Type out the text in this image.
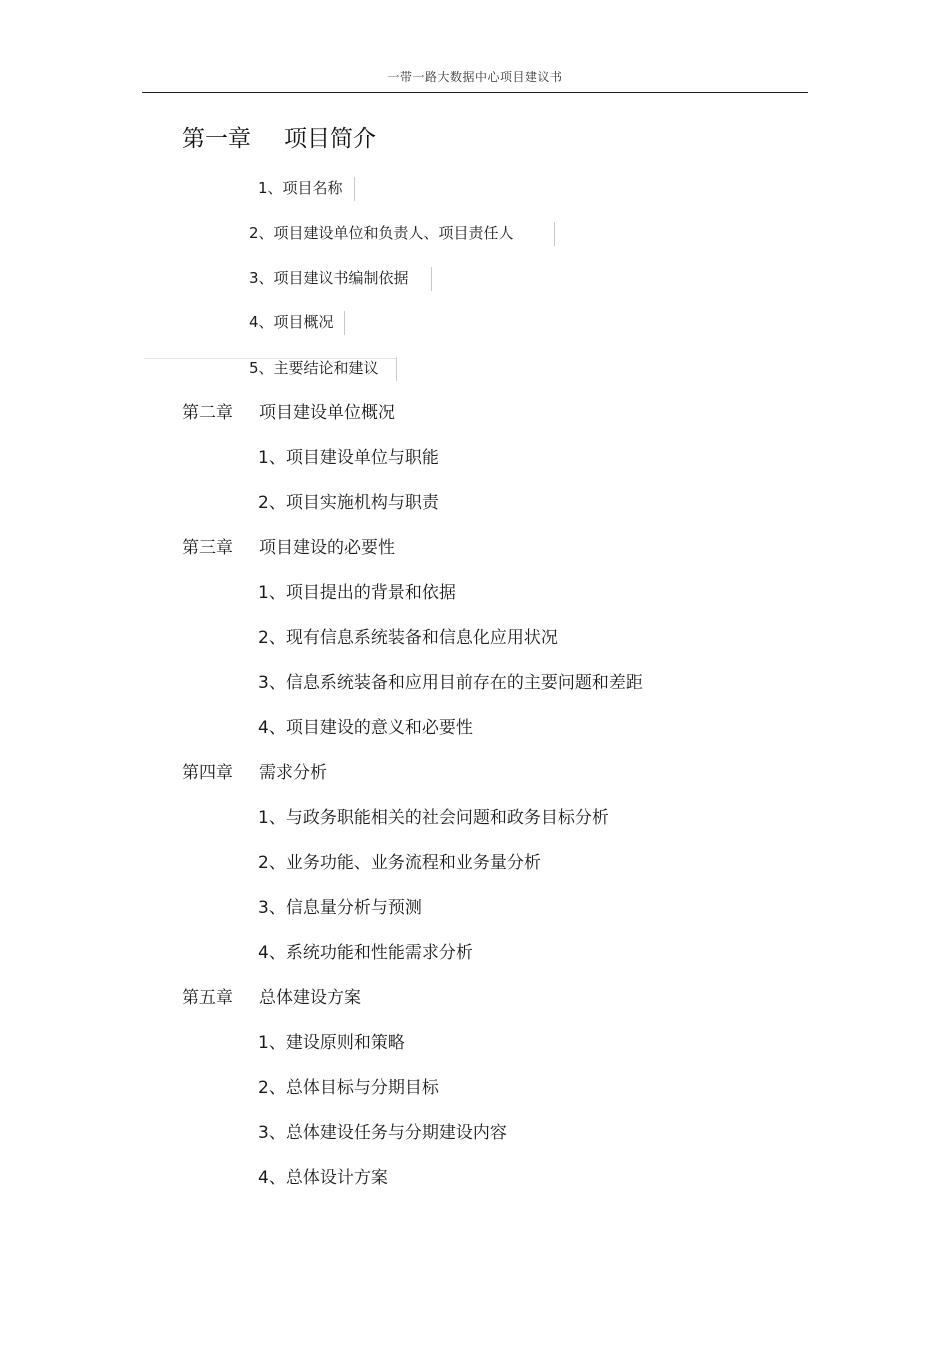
一带一路大数据中心项目建议书
第一章 项目简介
1、项目名称
2、项目建设单位和负责人、项目责任人
3、项目建议书编制依据
4、项目概况
5、主要结论和建议
第二章 项目建设单位概况
1、项目建设单位与职能
2、项目实施机构与职责
第三章 项目建设的必要性
1、项目提出的背景和依据
2、现有信息系统装备和信息化应用状况
3、信息系统装备和应用目前存在的主要问题和差距
4、项目建设的意义和必要性
第四章 需求分析
1、与政务职能相关的社会问题和政务目标分析
2、业务功能、业务流程和业务量分析
3、信息量分析与预测
4、系统功能和性能需求分析
第五章 总体建设方案
1、建设原则和策略
2、总体目标与分期目标
3、总体建设任务与分期建设内容
4、总体设计方案
